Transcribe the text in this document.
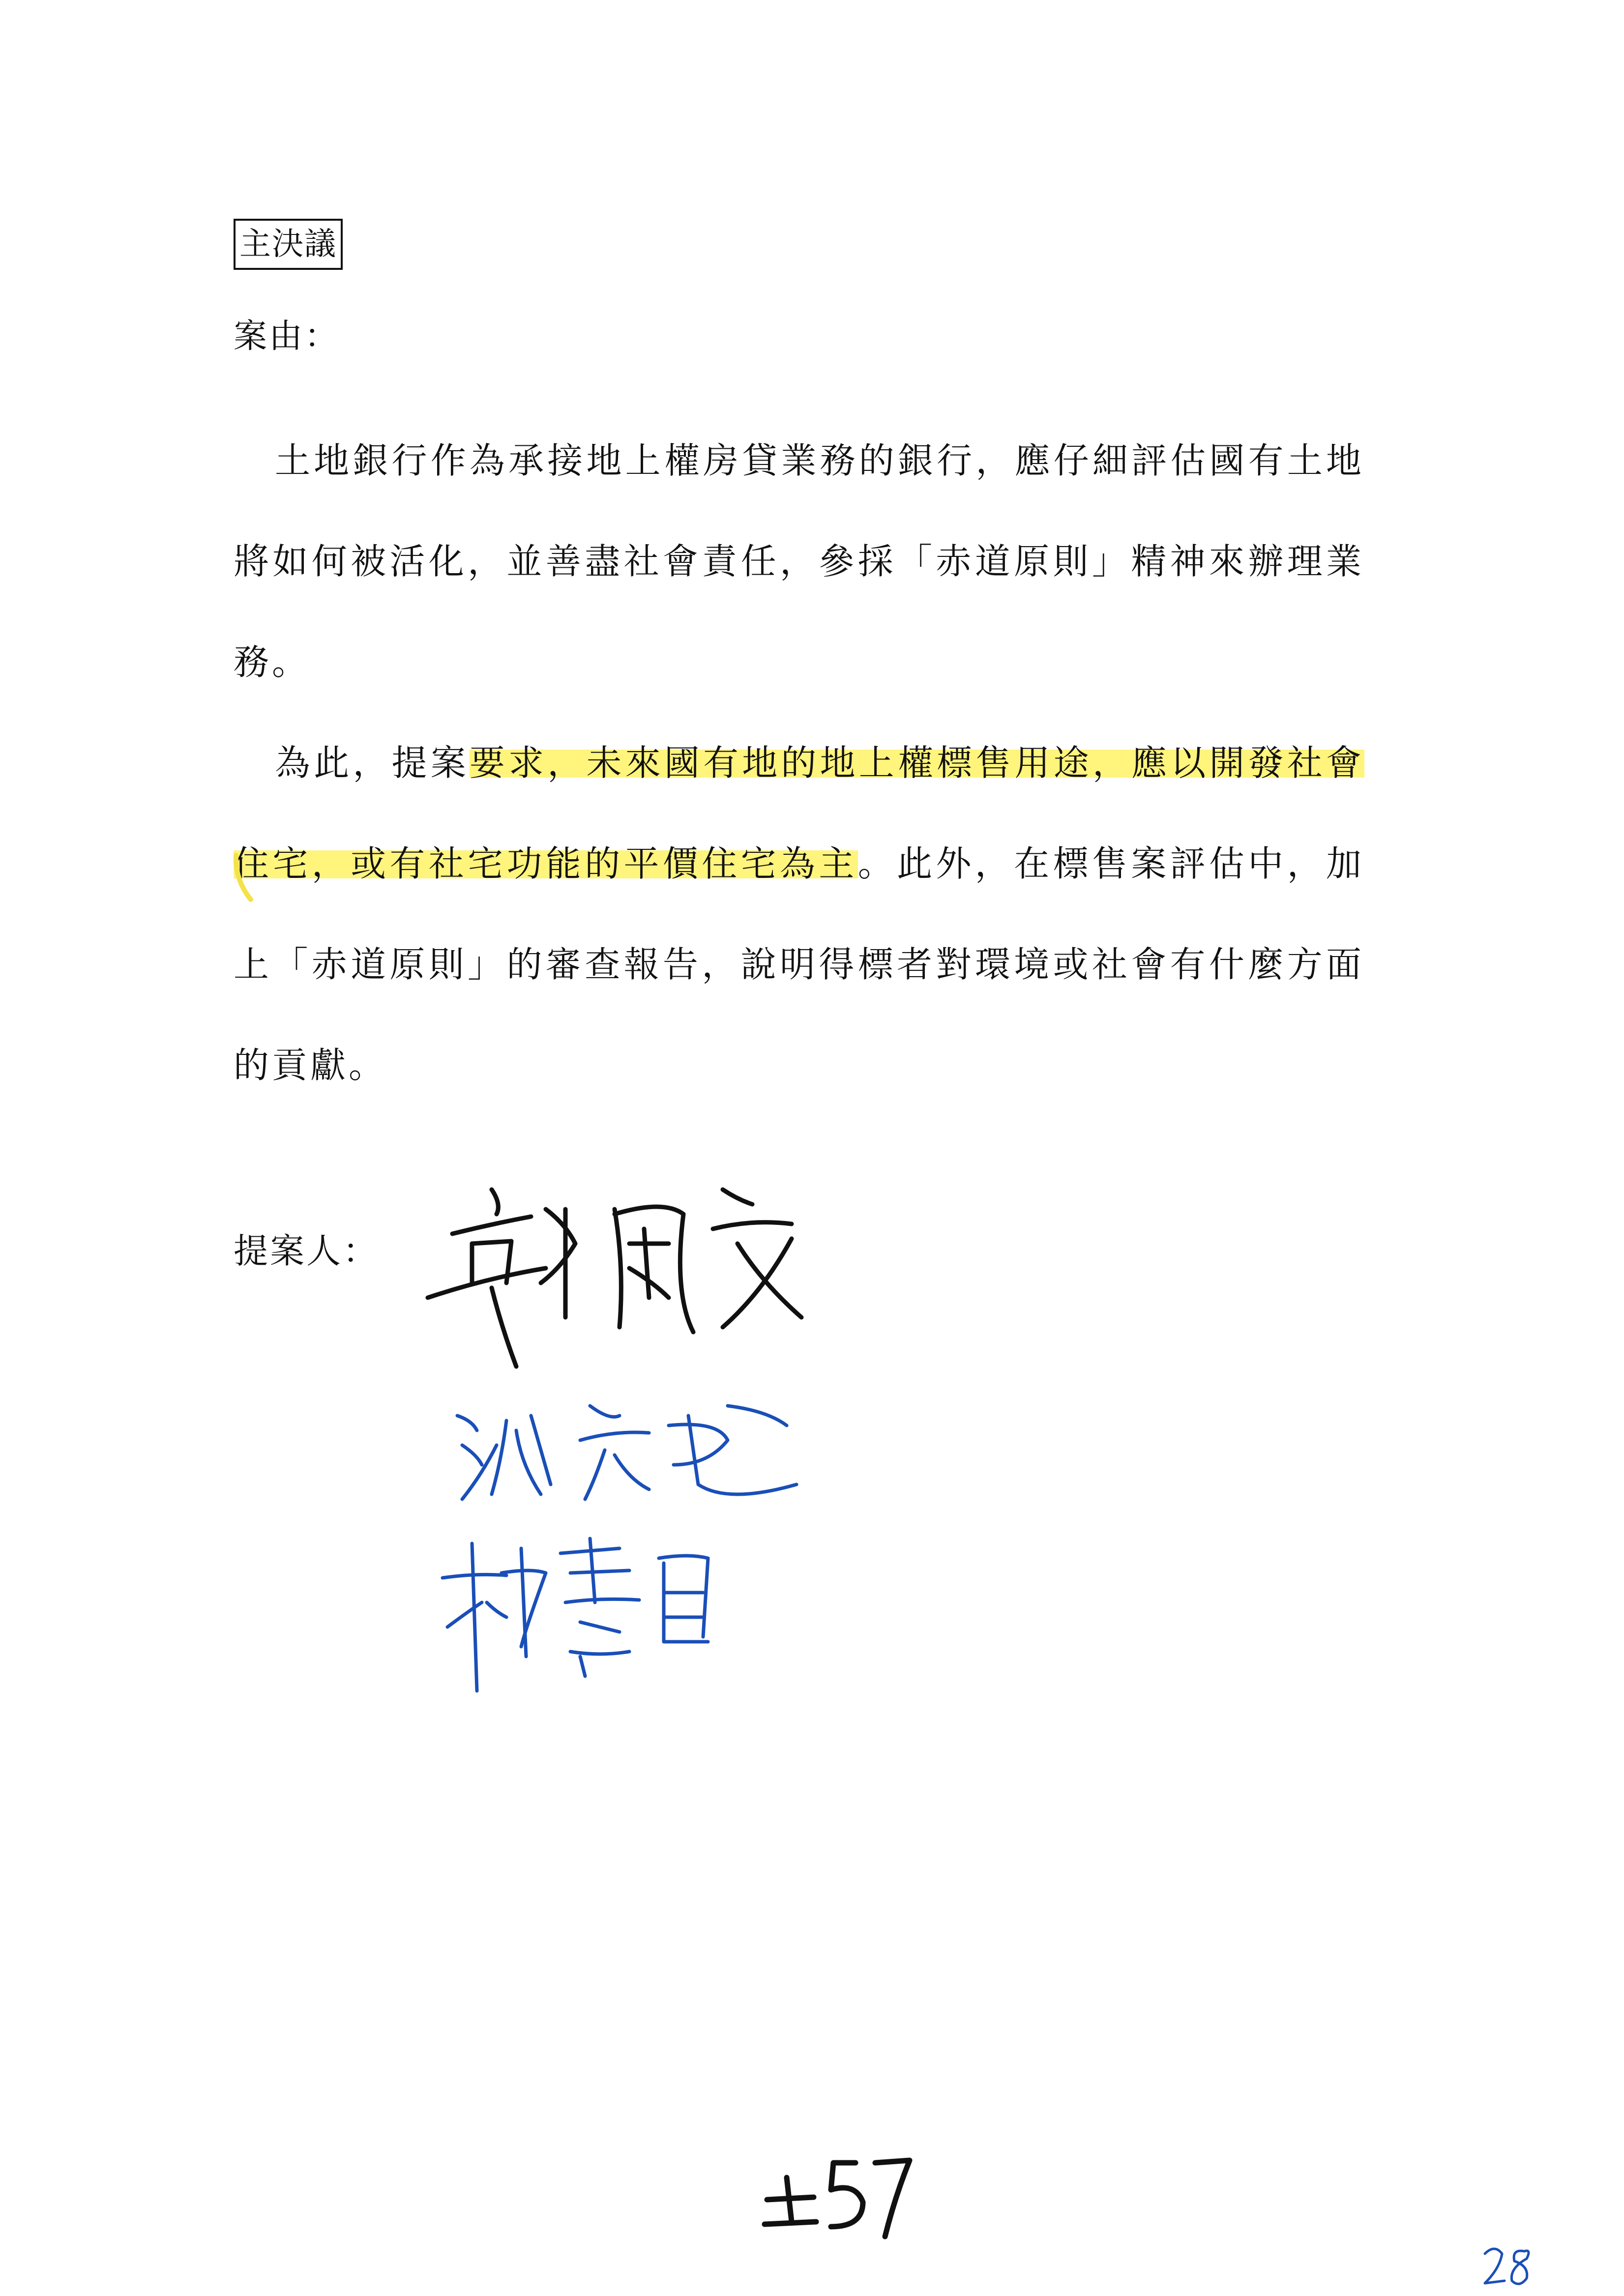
主決議
案由：

土地銀行作為承接地上權房貸業務的銀行，應仔細評估國有土地將如何被活化，並善盡社會責任，參採「赤道原則」精神來辦理業務。

為此，提案要求，未來國有地的地上權標售用途，應以開發社會住宅，或有社宅功能的平價住宅為主。此外，在標售案評估中，加上「赤道原則」的審查報告，說明得標者對環境或社會有什麼方面的貢獻。

提案人：
